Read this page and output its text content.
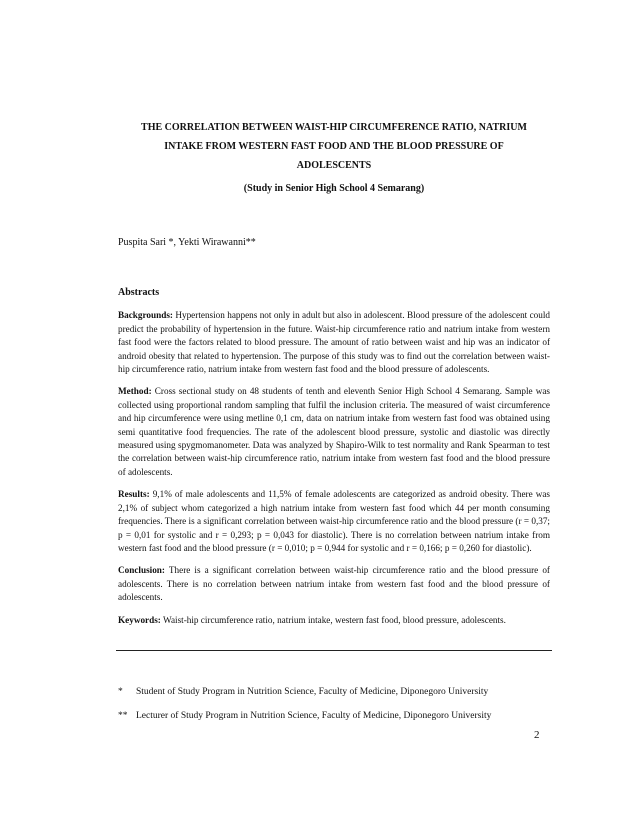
THE CORRELATION BETWEEN WAIST-HIP CIRCUMFERENCE RATIO, NATRIUM
INTAKE FROM WESTERN FAST FOOD AND THE BLOOD PRESSURE OF
ADOLESCENTS
(Study in Senior High School 4 Semarang)
Puspita Sari *, Yekti Wirawanni**
Abstracts

Backgrounds: Hypertension happens not only in adult but also in adolescent. Blood pressure of the adolescent could predict the probability of hypertension in the future. Waist-hip circumference ratio and natrium intake from western fast food were the factors related to blood pressure. The amount of ratio between waist and hip was an indicator of android obesity that related to hypertension. The purpose of this study was to find out the correlation between waist-hip circumference ratio, natrium intake from western fast food and the blood pressure of adolescents.

Method: Cross sectional study on 48 students of tenth and eleventh Senior High School 4 Semarang. Sample was collected using proportional random sampling that fulfil the inclusion criteria. The measured of waist circumference and hip circumference were using metline 0,1 cm, data on natrium intake from western fast food was obtained using semi quantitative food frequencies. The rate of the adolescent blood pressure, systolic and diastolic was directly measured using spygmomanometer. Data was analyzed by Shapiro-Wilk to test normality and Rank Spearman to test the correlation between waist-hip circumference ratio, natrium intake from western fast food and the blood pressure of adolescents.

Results: 9,1% of male adolescents and 11,5% of female adolescents are categorized as android obesity. There was 2,1% of subject whom categorized a high natrium intake from western fast food which 44 per month consuming frequencies. There is a significant correlation between waist-hip circumference ratio and the blood pressure (r = 0,37; p = 0,01 for systolic and r = 0,293; p = 0,043 for diastolic). There is no correlation between natrium intake from western fast food and the blood pressure (r = 0,010; p = 0,944 for systolic and r = 0,166; p = 0,260 for diastolic).

Conclusion: There is a significant correlation between waist-hip circumference ratio and the blood pressure of adolescents. There is no correlation between natrium intake from western fast food and the blood pressure of adolescents.

Keywords: Waist-hip circumference ratio, natrium intake, western fast food, blood pressure, adolescents.

* Student of Study Program in Nutrition Science, Faculty of Medicine, Diponegoro University
** Lecturer of Study Program in Nutrition Science, Faculty of Medicine, Diponegoro University
2
